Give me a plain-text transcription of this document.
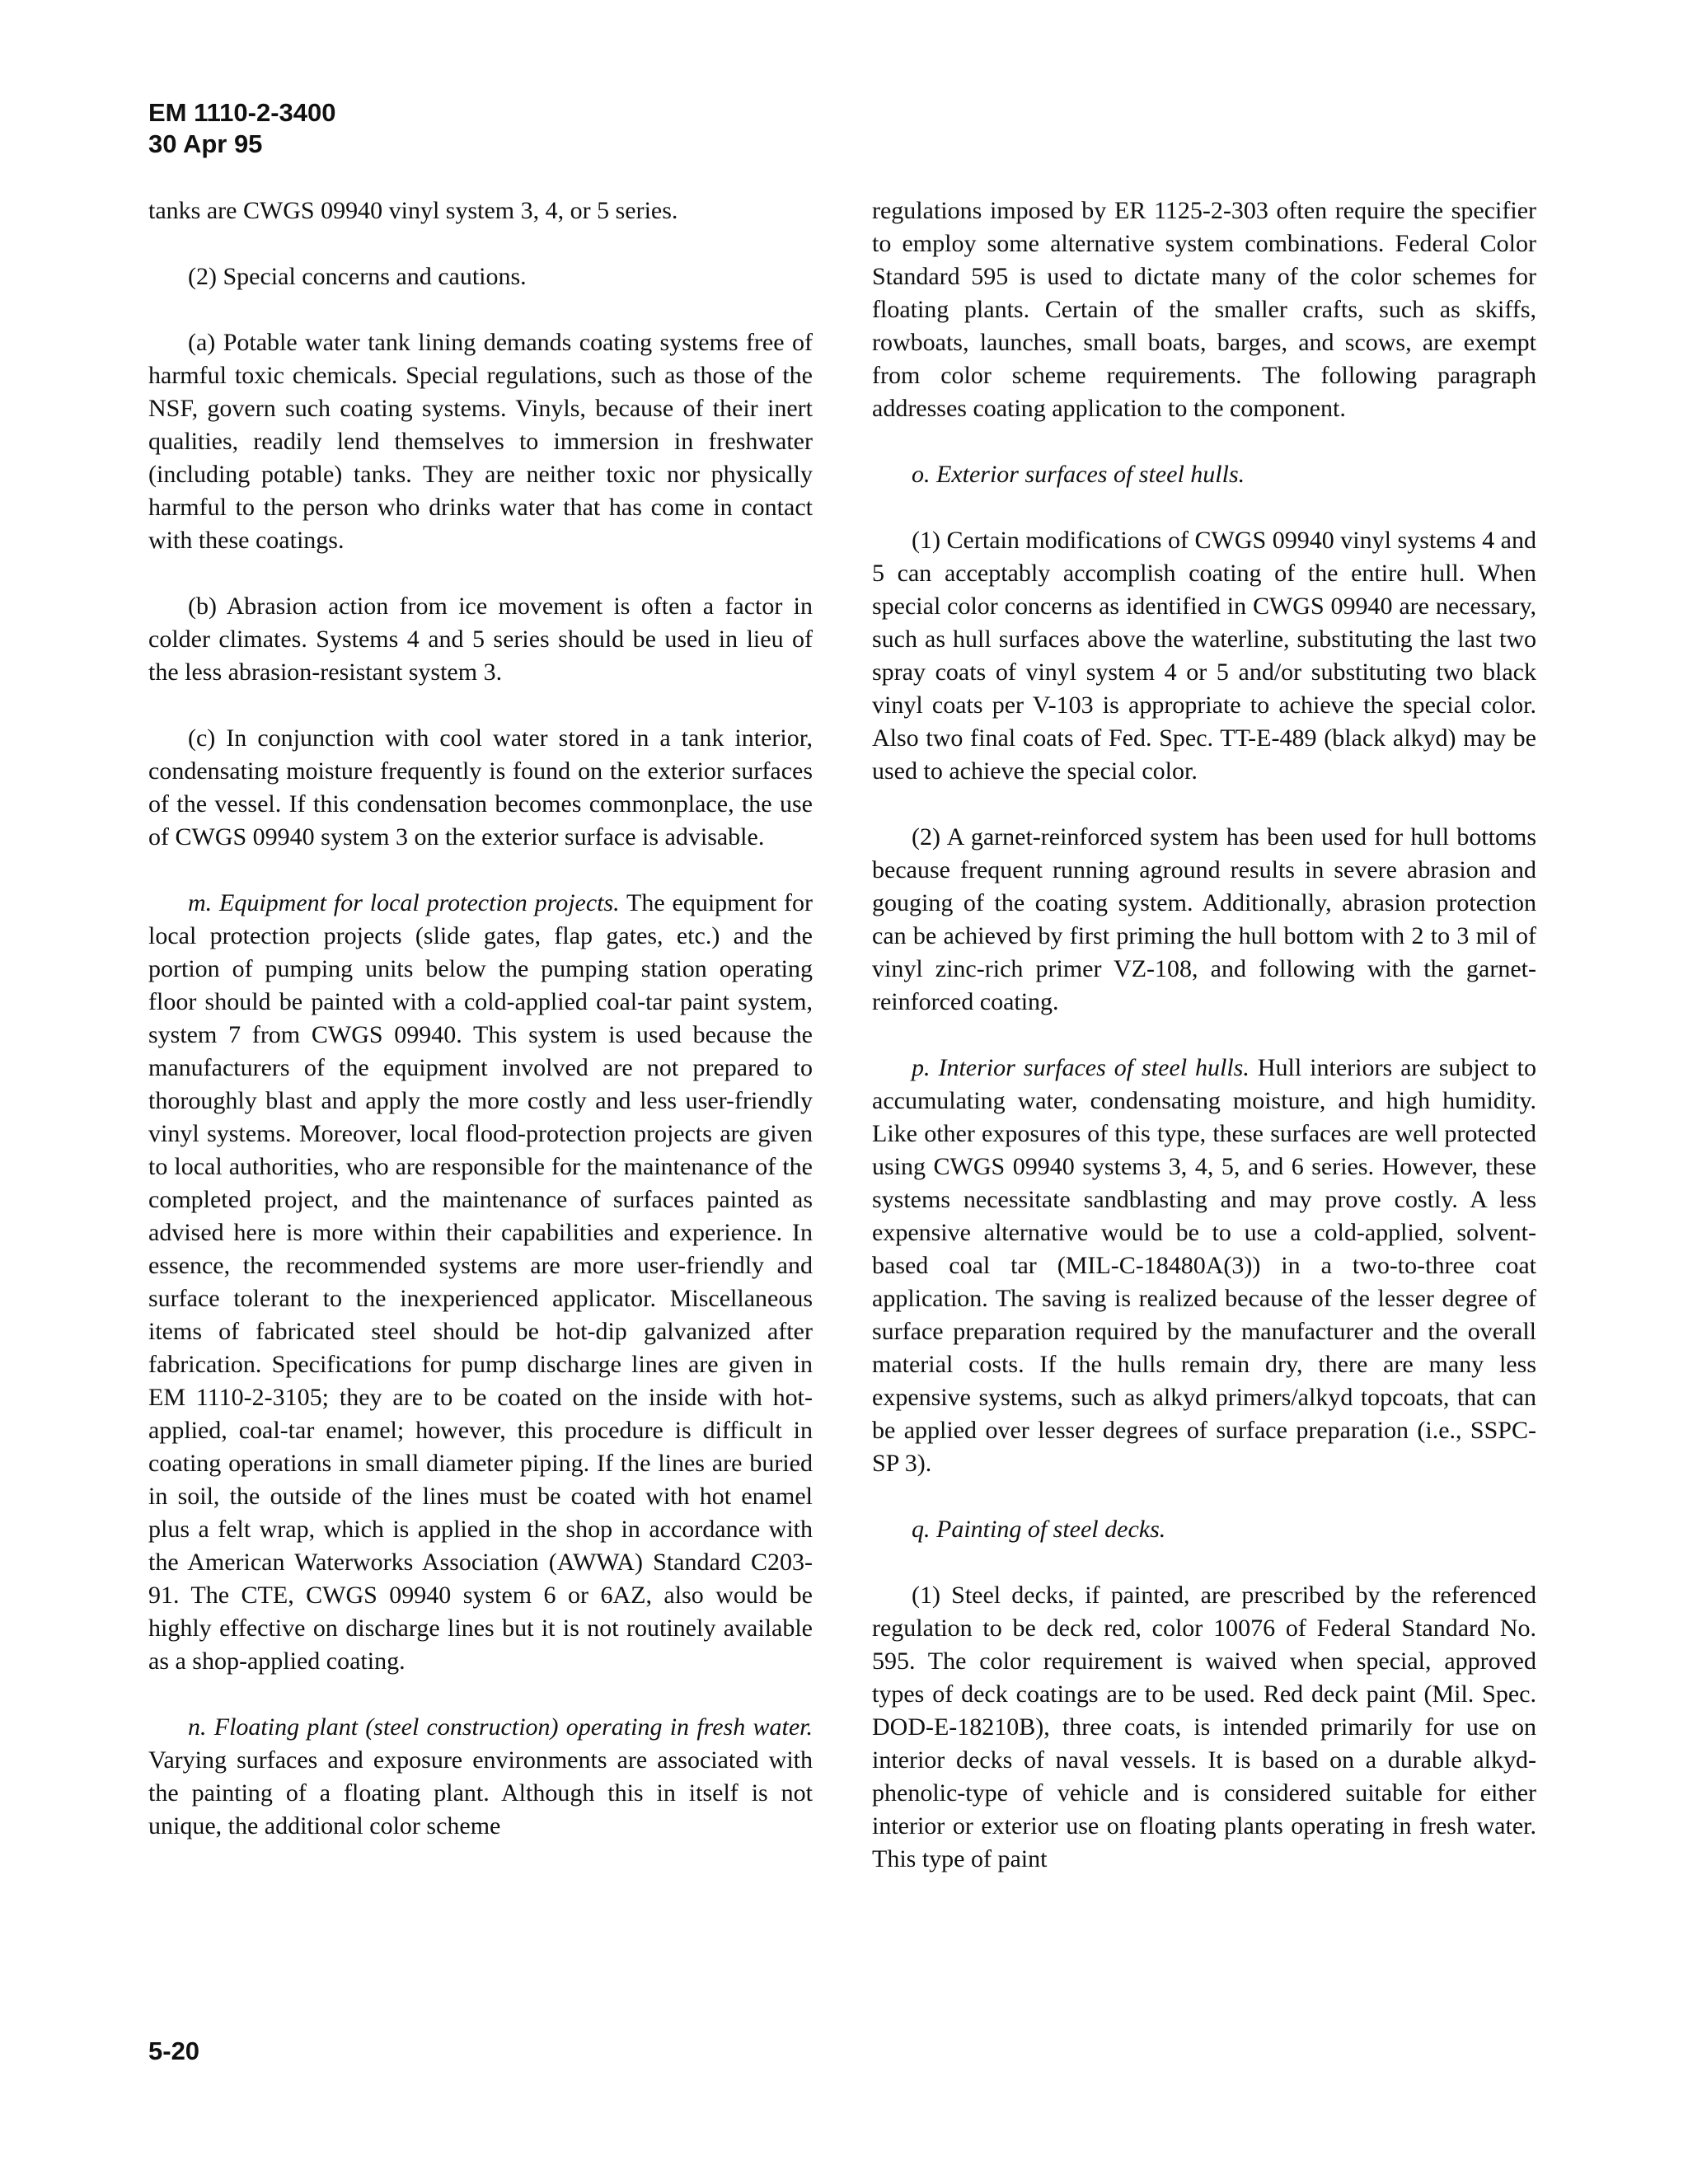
EM 1110-2-3400
30 Apr 95

tanks are CWGS 09940 vinyl system 3, 4, or 5 series.

(2) Special concerns and cautions.

(a) Potable water tank lining demands coating systems free of harmful toxic chemicals. Special regulations, such as those of the NSF, govern such coating systems. Vinyls, because of their inert qualities, readily lend themselves to immersion in freshwater (including potable) tanks. They are neither toxic nor physically harmful to the person who drinks water that has come in contact with these coatings.

(b) Abrasion action from ice movement is often a factor in colder climates. Systems 4 and 5 series should be used in lieu of the less abrasion-resistant system 3.

(c) In conjunction with cool water stored in a tank interior, condensating moisture frequently is found on the exterior surfaces of the vessel. If this condensation becomes commonplace, the use of CWGS 09940 system 3 on the exterior surface is advisable.

m. Equipment for local protection projects. The equipment for local protection projects (slide gates, flap gates, etc.) and the portion of pumping units below the pumping station operating floor should be painted with a cold-applied coal-tar paint system, system 7 from CWGS 09940. This system is used because the manufacturers of the equipment involved are not prepared to thoroughly blast and apply the more costly and less user-friendly vinyl systems. Moreover, local flood-protection projects are given to local authorities, who are responsible for the maintenance of the completed project, and the maintenance of surfaces painted as advised here is more within their capabilities and experience. In essence, the recommended systems are more user-friendly and surface tolerant to the inexperienced applicator. Miscellaneous items of fabricated steel should be hot-dip galvanized after fabrication. Specifications for pump discharge lines are given in EM 1110-2-3105; they are to be coated on the inside with hot-applied, coal-tar enamel; however, this procedure is difficult in coating operations in small diameter piping. If the lines are buried in soil, the outside of the lines must be coated with hot enamel plus a felt wrap, which is applied in the shop in accordance with the American Waterworks Association (AWWA) Standard C203-91. The CTE, CWGS 09940 system 6 or 6AZ, also would be highly effective on discharge lines but it is not routinely available as a shop-applied coating.

n. Floating plant (steel construction) operating in fresh water. Varying surfaces and exposure environments are associated with the painting of a floating plant. Although this in itself is not unique, the additional color scheme

regulations imposed by ER 1125-2-303 often require the specifier to employ some alternative system combinations. Federal Color Standard 595 is used to dictate many of the color schemes for floating plants. Certain of the smaller crafts, such as skiffs, rowboats, launches, small boats, barges, and scows, are exempt from color scheme requirements. The following paragraph addresses coating application to the component.

o. Exterior surfaces of steel hulls.

(1) Certain modifications of CWGS 09940 vinyl systems 4 and 5 can acceptably accomplish coating of the entire hull. When special color concerns as identified in CWGS 09940 are necessary, such as hull surfaces above the waterline, substituting the last two spray coats of vinyl system 4 or 5 and/or substituting two black vinyl coats per V-103 is appropriate to achieve the special color. Also two final coats of Fed. Spec. TT-E-489 (black alkyd) may be used to achieve the special color.

(2) A garnet-reinforced system has been used for hull bottoms because frequent running aground results in severe abrasion and gouging of the coating system. Additionally, abrasion protection can be achieved by first priming the hull bottom with 2 to 3 mil of vinyl zinc-rich primer VZ-108, and following with the garnet-reinforced coating.

p. Interior surfaces of steel hulls. Hull interiors are subject to accumulating water, condensating moisture, and high humidity. Like other exposures of this type, these surfaces are well protected using CWGS 09940 systems 3, 4, 5, and 6 series. However, these systems necessitate sandblasting and may prove costly. A less expensive alternative would be to use a cold-applied, solvent-based coal tar (MIL-C-18480A(3)) in a two-to-three coat application. The saving is realized because of the lesser degree of surface preparation required by the manufacturer and the overall material costs. If the hulls remain dry, there are many less expensive systems, such as alkyd primers/alkyd topcoats, that can be applied over lesser degrees of surface preparation (i.e., SSPC-SP 3).

q. Painting of steel decks.

(1) Steel decks, if painted, are prescribed by the referenced regulation to be deck red, color 10076 of Federal Standard No. 595. The color requirement is waived when special, approved types of deck coatings are to be used. Red deck paint (Mil. Spec. DOD-E-18210B), three coats, is intended primarily for use on interior decks of naval vessels. It is based on a durable alkyd-phenolic-type of vehicle and is considered suitable for either interior or exterior use on floating plants operating in fresh water. This type of paint

5-20
